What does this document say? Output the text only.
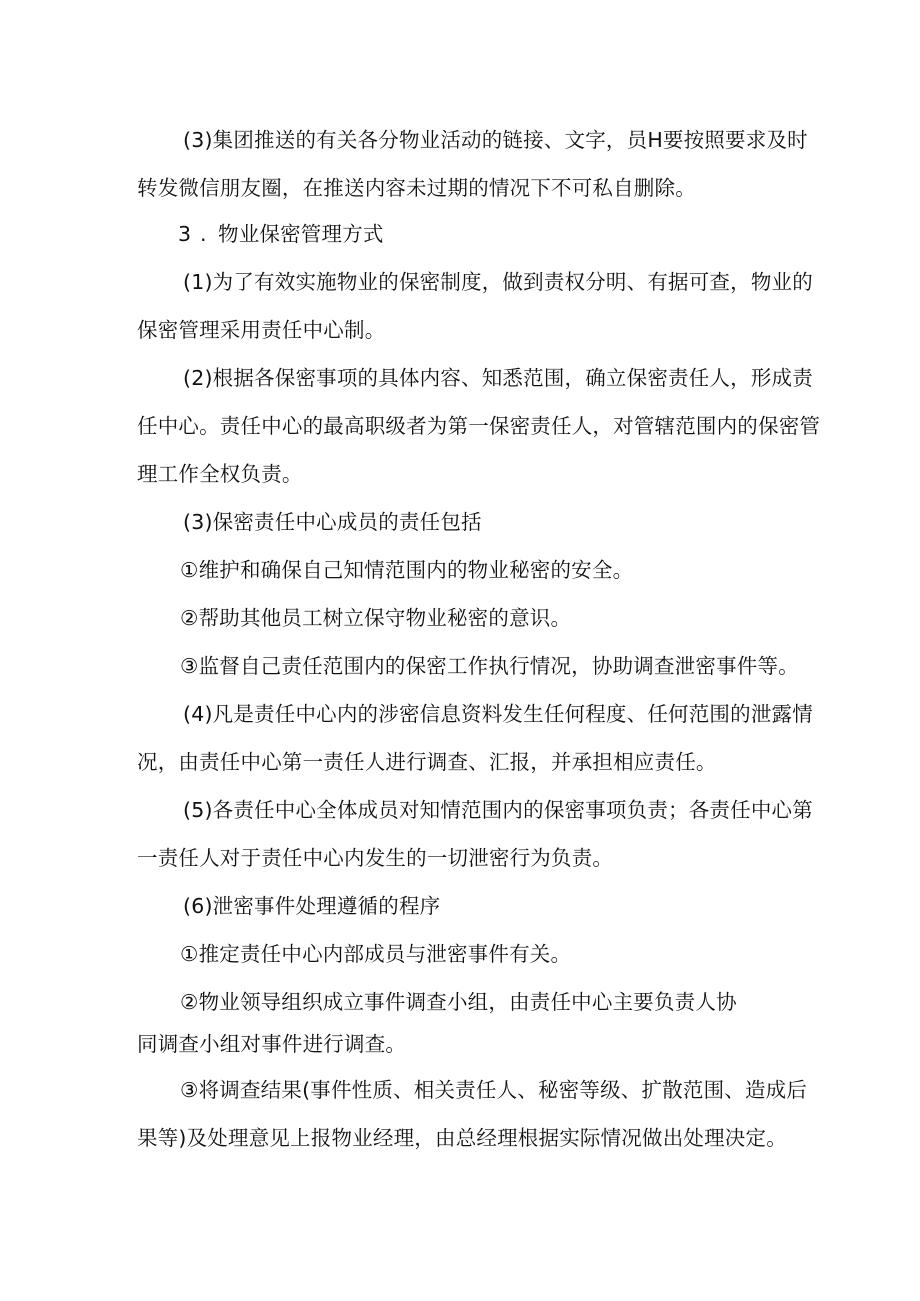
(3)集团推送的有关各分物业活动的链接、文字，员H要按照要求及时
转发微信朋友圈，在推送内容未过期的情况下不可私自删除。
3 . 物业保密管理方式
(1)为了有效实施物业的保密制度，做到责权分明、有据可查，物业的
保密管理采用责任中心制。
(2)根据各保密事项的具体内容、知悉范围，确立保密责任人，形成责
任中心。责任中心的最高职级者为第一保密责任人，对管辖范围内的保密管
理工作全权负责。
(3)保密责任中心成员的责任包括
①维护和确保自己知情范围内的物业秘密的安全。
②帮助其他员工树立保守物业秘密的意识。
③监督自己责任范围内的保密工作执行情况，协助调查泄密事件等。
(4)凡是责任中心内的涉密信息资料发生任何程度、任何范围的泄露情
况，由责任中心第一责任人进行调查、汇报，并承担相应责任。
(5)各责任中心全体成员对知情范围内的保密事项负责；各责任中心第
一责任人对于责任中心内发生的一切泄密行为负责。
(6)泄密事件处理遵循的程序
①推定责任中心内部成员与泄密事件有关。
②物业领导组织成立事件调查小组，由责任中心主要负责人协
同调查小组对事件进行调查。
③将调查结果(事件性质、相关责任人、秘密等级、扩散范围、造成后
果等)及处理意见上报物业经理，由总经理根据实际情况做出处理决定。
